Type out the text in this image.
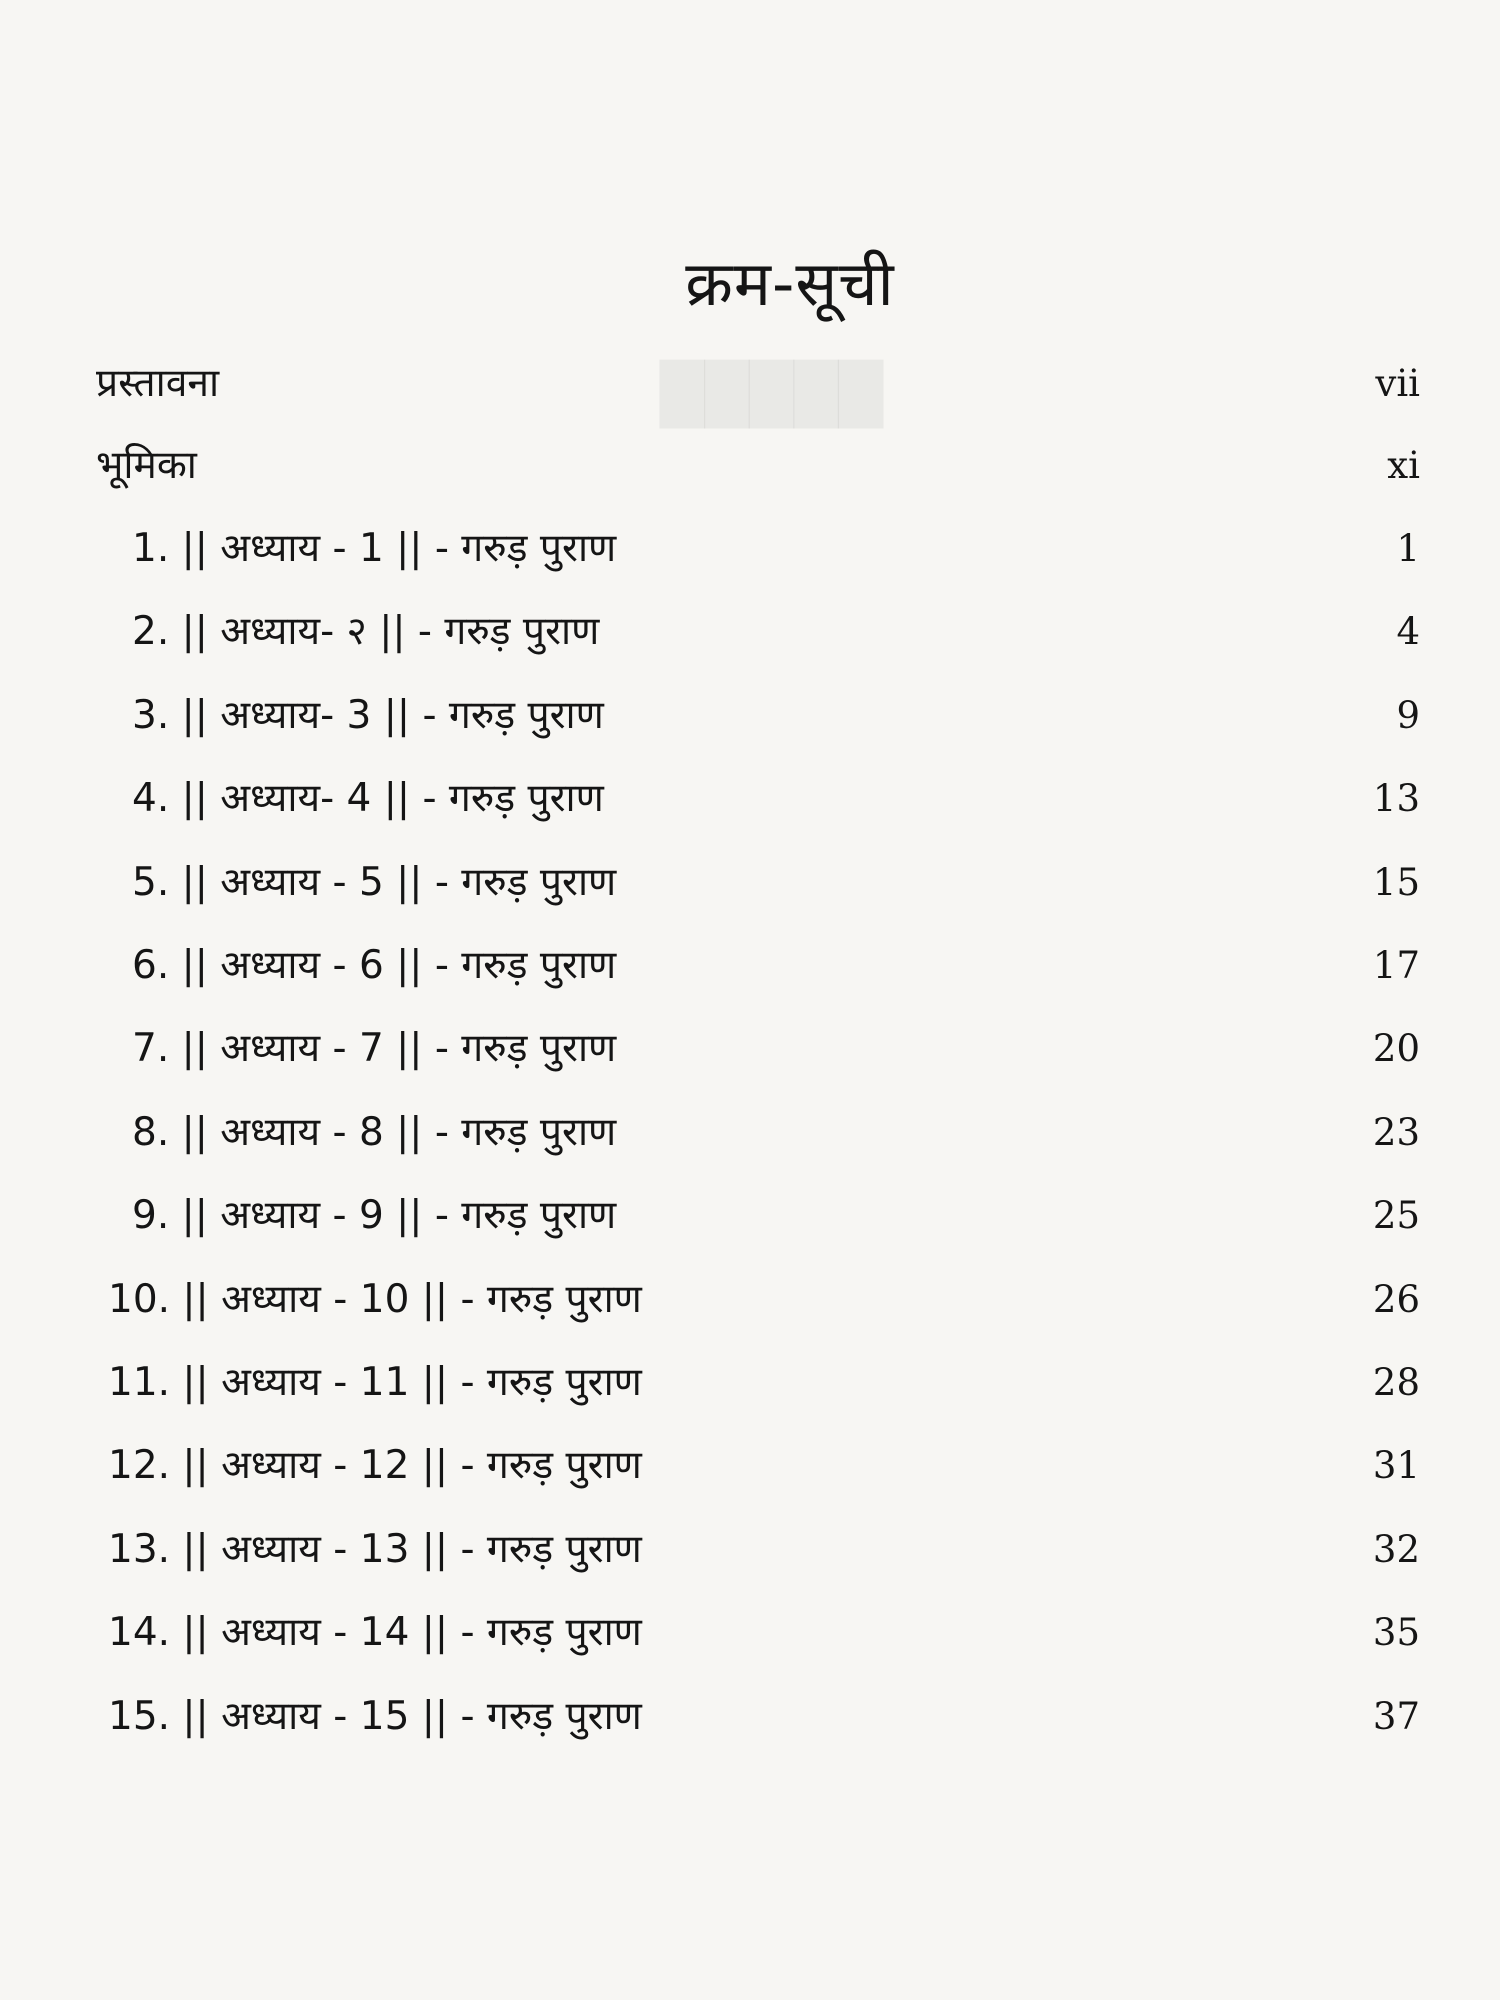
█████
क्रम-सूची
प्रस्तावना	vii
भूमिका	xi
1. || अध्याय - 1 || - गरुड़ पुराण	1
2. || अध्याय- २ || - गरुड़ पुराण	4
3. || अध्याय- 3 || - गरुड़ पुराण	9
4. || अध्याय- 4 || - गरुड़ पुराण	13
5. || अध्याय - 5 || - गरुड़ पुराण	15
6. || अध्याय - 6 || - गरुड़ पुराण	17
7. || अध्याय - 7 || - गरुड़ पुराण	20
8. || अध्याय - 8 || - गरुड़ पुराण	23
9. || अध्याय - 9 || - गरुड़ पुराण	25
10. || अध्याय - 10 || - गरुड़ पुराण	26
11. || अध्याय - 11 || - गरुड़ पुराण	28
12. || अध्याय - 12 || - गरुड़ पुराण	31
13. || अध्याय - 13 || - गरुड़ पुराण	32
14. || अध्याय - 14 || - गरुड़ पुराण	35
15. || अध्याय - 15 || - गरुड़ पुराण	37
